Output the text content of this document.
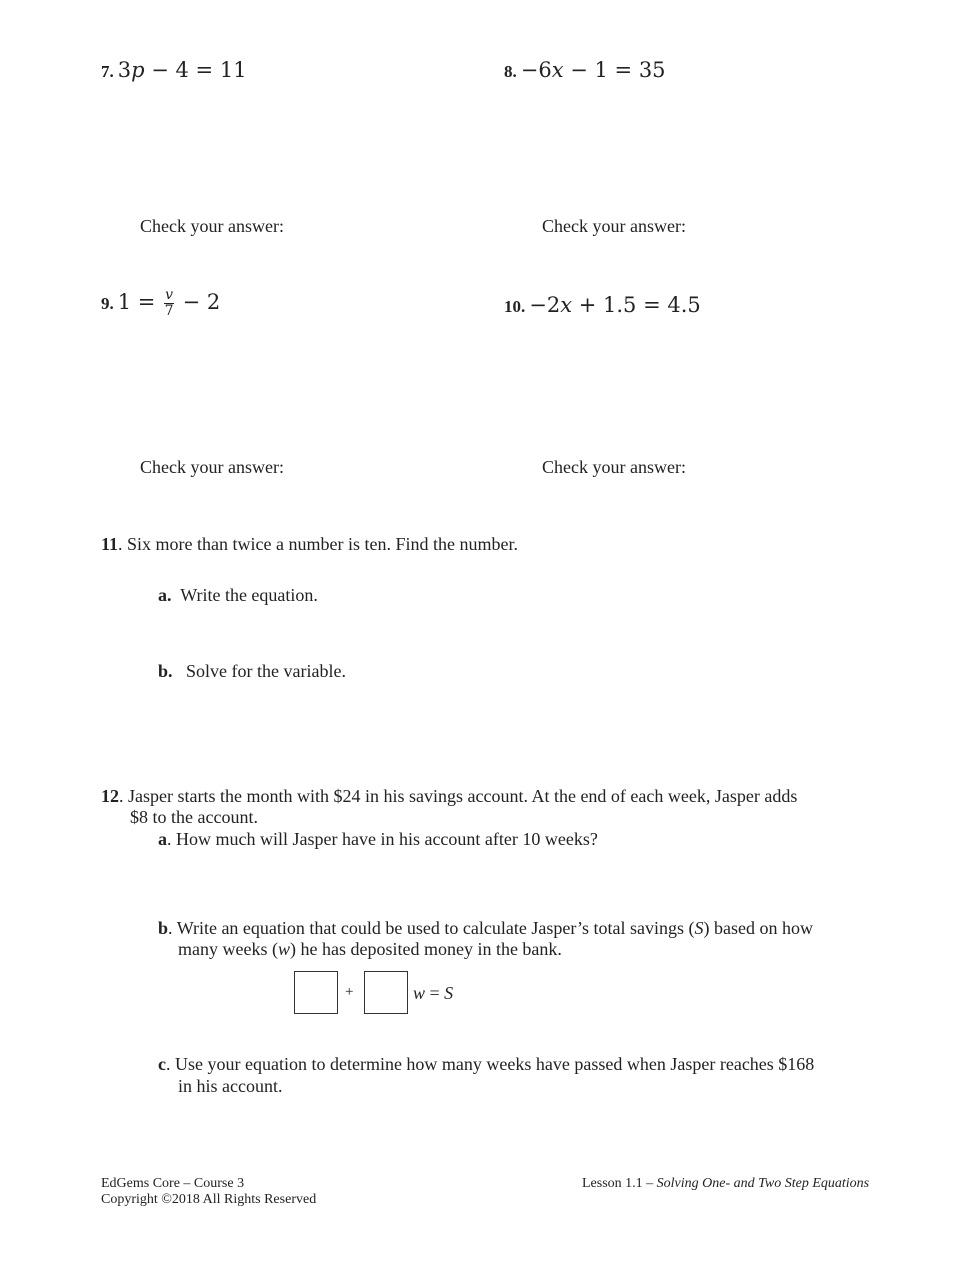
7. 3p − 4 = 11	8. −6x − 1 = 35
Check your answer:	Check your answer:
9. $1 = \frac{v}{7} - 2$	10. −2x + 1.5 = 4.5
Check your answer:	Check your answer:
11. Six more than twice a number is ten. Find the number.
a. Write the equation.
b. Solve for the variable.
12. Jasper starts the month with $24 in his savings account. At the end of each week, Jasper adds
$8 to the account.
a. How much will Jasper have in his account after 10 weeks?
b. Write an equation that could be used to calculate Jasper’s total savings (S) based on how
many weeks (w) he has deposited money in the bank.
+	w = S
c. Use your equation to determine how many weeks have passed when Jasper reaches $168
in his account.
EdGems Core – Course 3
Copyright ©2018 All Rights Reserved
Lesson 1.1 – Solving One- and Two Step Equations
